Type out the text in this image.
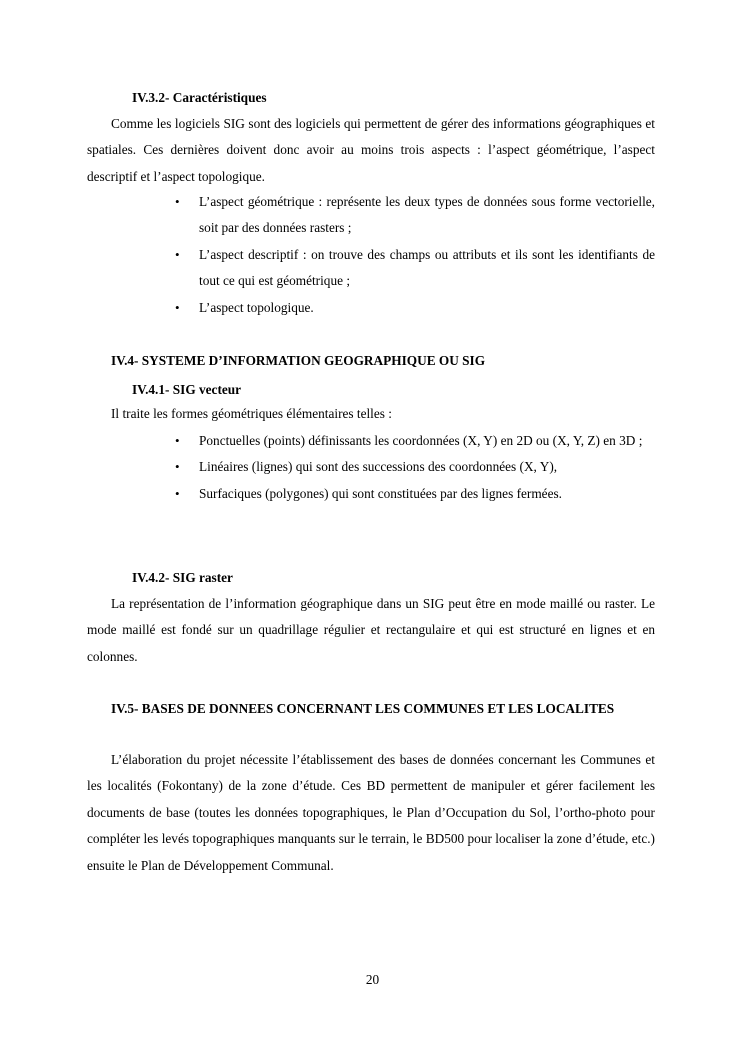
IV.3.2- Caractéristiques
Comme les logiciels SIG sont des logiciels qui permettent de gérer des informations géographiques et spatiales. Ces dernières doivent donc avoir au moins trois aspects : l’aspect géométrique, l’aspect descriptif et l’aspect topologique.
• L’aspect géométrique : représente les deux types de données sous forme vectorielle, soit par des données rasters ;
• L’aspect descriptif : on trouve des champs ou attributs et ils sont les identifiants de tout ce qui est géométrique ;
• L’aspect topologique.
IV.4- SYSTEME D’INFORMATION GEOGRAPHIQUE OU SIG
IV.4.1- SIG vecteur
Il traite les formes géométriques élémentaires telles :
• Ponctuelles (points) définissants les coordonnées (X, Y) en 2D ou (X, Y, Z) en 3D ;
• Linéaires (lignes) qui sont des successions des coordonnées (X, Y),
• Surfaciques (polygones) qui sont constituées par des lignes fermées.
IV.4.2- SIG raster
La représentation de l’information géographique dans un SIG peut être en mode maillé ou raster. Le mode maillé est fondé sur un quadrillage régulier et rectangulaire et qui est structuré en lignes et en colonnes.
IV.5- BASES DE DONNEES CONCERNANT LES COMMUNES ET LES LOCALITES
L’élaboration du projet nécessite l’établissement des bases de données concernant les Communes et les localités (Fokontany) de la zone d’étude. Ces BD permettent de manipuler et gérer facilement les documents de base (toutes les données topographiques, le Plan d’Occupation du Sol, l’ortho-photo pour compléter les levés topographiques manquants sur le terrain, le BD500 pour localiser la zone d’étude, etc.) ensuite le Plan de Développement Communal.
20
